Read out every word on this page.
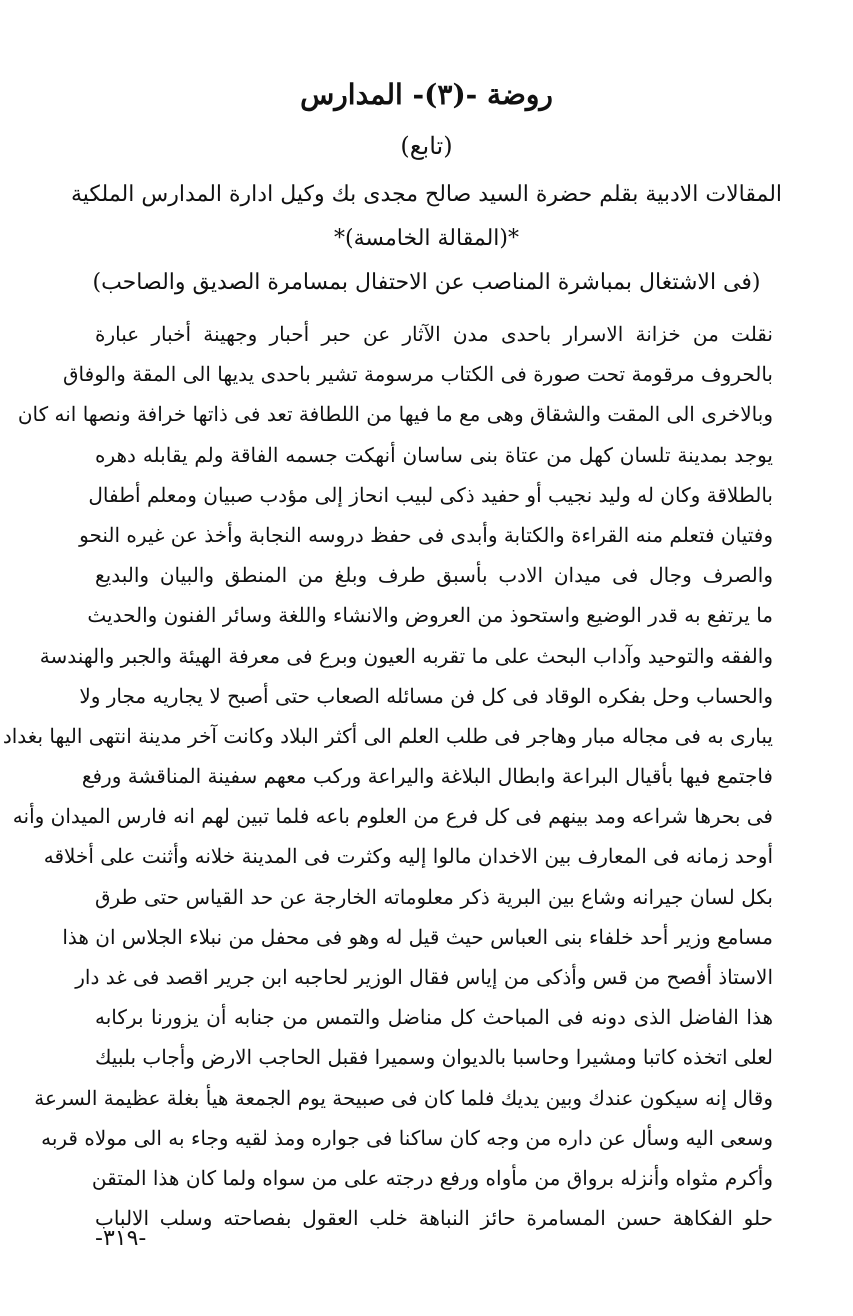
روضة -(٣)- المدارس
(تابع)
المقالات الادبية بقلم حضرة السيد صالح مجدى بك وكيل ادارة المدارس الملكية
*(المقالة الخامسة)*
(فى الاشتغال بمباشرة المناصب عن الاحتفال بمسامرة الصديق والصاحب)
نقلت من خزانة الاسرار باحدى مدن الآثار عن حبر أحبار وجهينة أخبار عبارة
بالحروف مرقومة تحت صورة فى الكتاب مرسومة تشير باحدى يديها الى المقة والوفاق
وبالاخرى الى المقت والشقاق وهى مع ما فيها من اللطافة تعد فى ذاتها خرافة ونصها انه كان
يوجد بمدينة تلسان كهل من عتاة بنى ساسان أنهكت جسمه الفاقة ولم يقابله دهره
بالطلاقة وكان له وليد نجيب أو حفيد ذكى لبيب انحاز إلى مؤدب صبيان ومعلم أطفال
وفتيان فتعلم منه القراءة والكتابة وأبدى فى حفظ دروسه النجابة وأخذ عن غيره النحو
والصرف وجال فى ميدان الادب بأسبق طرف وبلغ من المنطق والبيان والبديع
ما يرتفع به قدر الوضيع واستحوذ من العروض والانشاء واللغة وسائر الفنون والحديث
والفقه والتوحيد وآداب البحث على ما تقربه العيون وبرع فى معرفة الهيئة والجبر والهندسة
والحساب وحل بفكره الوقاد فى كل فن مسائله الصعاب حتى أصبح لا يجاريه مجار ولا
يبارى به فى مجاله مبار وهاجر فى طلب العلم الى أكثر البلاد وكانت آخر مدينة انتهى اليها بغداد
فاجتمع فيها بأقيال البراعة وابطال البلاغة واليراعة وركب معهم سفينة المناقشة ورفع
فى بحرها شراعه ومد بينهم فى كل فرع من العلوم باعه فلما تبين لهم انه فارس الميدان وأنه
أوحد زمانه فى المعارف بين الاخدان مالوا إليه وكثرت فى المدينة خلانه وأثنت على أخلاقه
بكل لسان جيرانه وشاع بين البرية ذكر معلوماته الخارجة عن حد القياس حتى طرق
مسامع وزير أحد خلفاء بنى العباس حيث قيل له وهو فى محفل من نبلاء الجلاس ان هذا
الاستاذ أفصح من قس وأذكى من إياس فقال الوزير لحاجبه ابن جرير اقصد فى غد دار
هذا الفاضل الذى دونه فى المباحث كل مناضل والتمس من جنابه أن يزورنا بركابه
لعلى اتخذه كاتبا ومشيرا وحاسبا بالديوان وسميرا فقبل الحاجب الارض وأجاب بلبيك
وقال إنه سيكون عندك وبين يديك فلما كان فى صبيحة يوم الجمعة هيأ بغلة عظيمة السرعة
وسعى اليه وسأل عن داره من وجه كان ساكنا فى جواره ومذ لقيه وجاء به الى مولاه قربه
وأكرم مثواه وأنزله برواق من مأواه ورفع درجته على من سواه ولما كان هذا المتقن
حلو الفكاهة حسن المسامرة حائز النباهة خلب العقول بفصاحته وسلب الالباب
-٣١٩-
